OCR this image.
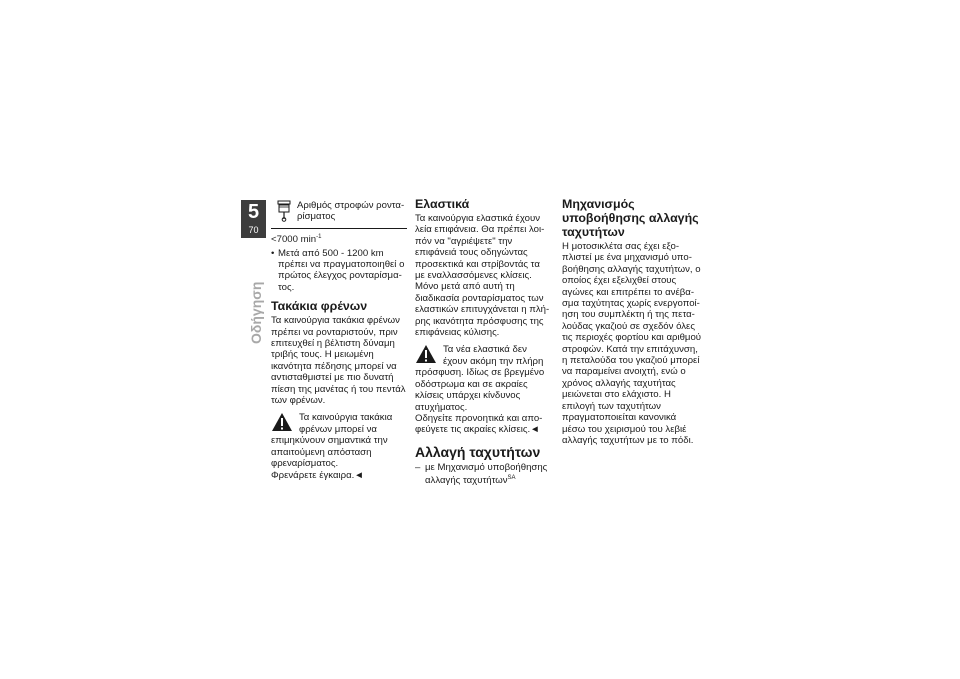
5
70
Οδήγηση
Αριθμός στροφών ροντα-ρίσματος
<7000 $\min^{-1}$
• Μετά από 500 - 1200 km πρέπει να πραγματοποιηθεί ο πρώτος έλεγχος ρονταρίσματος.
Τακάκια φρένων

Τα καινούργια τακάκια φρένων πρέπει να ρονταριστούν, πριν επιτευχθεί η βέλτιστη δύναμη τριβής τους. Η μειωμένη ικανότητα πέδησης μπορεί να αντισταθμιστεί με πιο δυνατή πίεση της μανέτας ή του πεντάλ των φρένων.

Τα καινούργια τακάκια φρένων μπορεί να επιμηκύνουν σημαντικά την απαιτούμενη απόσταση φρεναρίσματος.

Φρενάρετε έγκαιρα.◄

Ελαστικά

Τα καινούργια ελαστικά έχουν λεία επιφάνεια. Θα πρέπει λοιπόν να "αγριέψετε" την επιφάνειά τους οδηγώντας προσεκτικά και στρίβοντάς τα με εναλλασσόμενες κλίσεις. Μόνο μετά από αυτή τη διαδικασία ρονταρίσματος των ελαστικών επιτυγχάνεται η πλήρης ικανότητα πρόσφυσης της επιφάνειας κύλισης.

Τα νέα ελαστικά δεν έχουν ακόμη την πλήρη πρόσφυση. Ιδίως σε βρεγμένο οδόστρωμα και σε ακραίες κλίσεις υπάρχει κίνδυνος ατυχήματος.

Οδηγείτε προνοητικά και αποφεύγετε τις ακραίες κλίσεις.◄

Αλλαγή ταχυτήτων
– με Μηχανισμό υποβοήθησης αλλαγής ταχυτήτων$^{SA}$
Μηχανισμός υποβοήθησης αλλαγής ταχυτήτων

Η μοτοσικλέτα σας έχει εξοπλιστεί με ένα μηχανισμό υποβοήθησης αλλαγής ταχυτήτων, ο οποίος έχει εξελιχθεί στους αγώνες και επιτρέπει το ανέβασμα ταχύτητας χωρίς ενεργοποίηση του συμπλέκτη ή της πεταλούδας γκαζιού σε σχεδόν όλες τις περιοχές φορτίου και αριθμού στροφών. Κατά την επιτάχυνση, η πεταλούδα του γκαζιού μπορεί να παραμείνει ανοιχτή, ενώ ο χρόνος αλλαγής ταχυτήτας μειώνεται στο ελάχιστο. Η επιλογή των ταχυτήτων πραγματοποιείται κανονικά μέσω του χειρισμού του λεβιέ αλλαγής ταχυτήτων με το πόδι.
